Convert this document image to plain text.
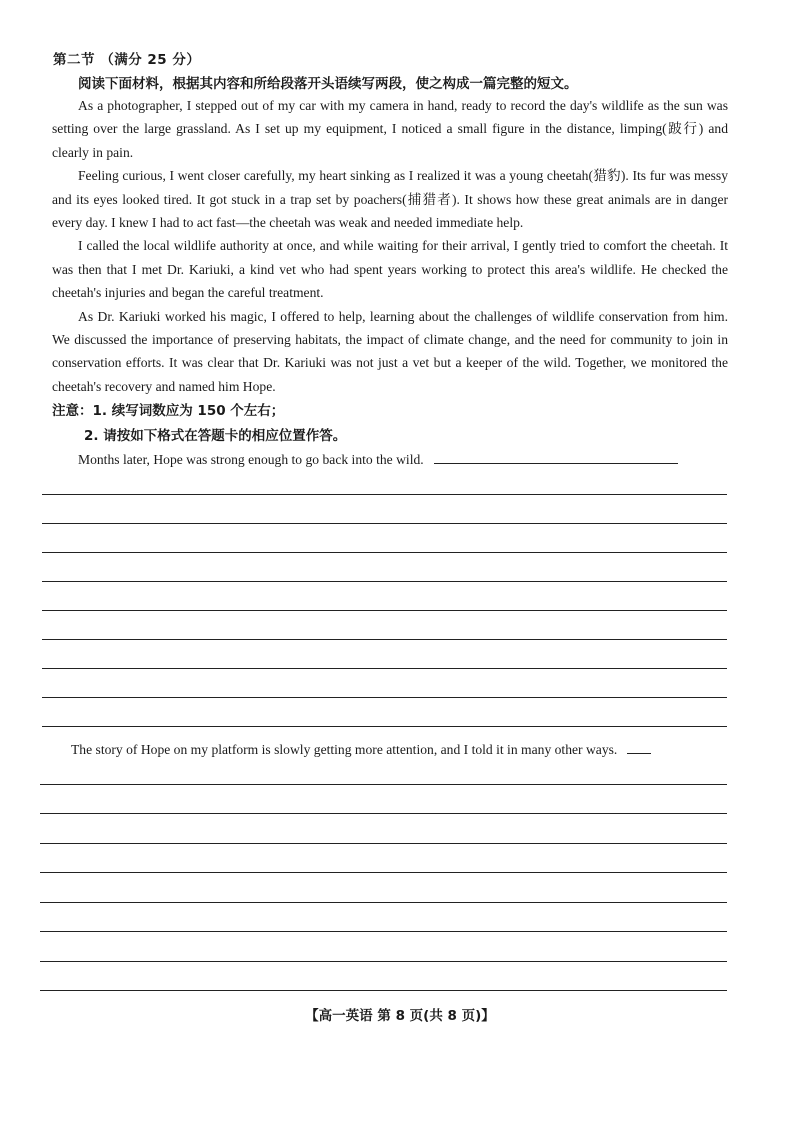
第二节 （满分 25 分）
阅读下面材料，根据其内容和所给段落开头语续写两段，使之构成一篇完整的短文。

As a photographer, I stepped out of my car with my camera in hand, ready to record the day's wildlife as the sun was setting over the large grassland. As I set up my equipment, I noticed a small figure in the distance, limping(跛行) and clearly in pain.

Feeling curious, I went closer carefully, my heart sinking as I realized it was a young cheetah(猎豹). Its fur was messy and its eyes looked tired. It got stuck in a trap set by poachers(捕猎者). It shows how these great animals are in danger every day. I knew I had to act fast—the cheetah was weak and needed immediate help.

I called the local wildlife authority at once, and while waiting for their arrival, I gently tried to comfort the cheetah. It was then that I met Dr. Kariuki, a kind vet who had spent years working to protect this area's wildlife. He checked the cheetah's injuries and began the careful treatment.

As Dr. Kariuki worked his magic, I offered to help, learning about the challenges of wildlife conservation from him. We discussed the importance of preserving habitats, the impact of climate change, and the need for community to join in conservation efforts. It was clear that Dr. Kariuki was not just a vet but a keeper of the wild. Together, we monitored the cheetah's recovery and named him Hope.

注意：1. 续写词数应为 150 个左右；
2. 请按如下格式在答题卡的相应位置作答。
Months later, Hope was strong enough to go back into the wild.
The story of Hope on my platform is slowly getting more attention, and I told it in many other ways.
【高一英语 第 8 页(共 8 页)】
